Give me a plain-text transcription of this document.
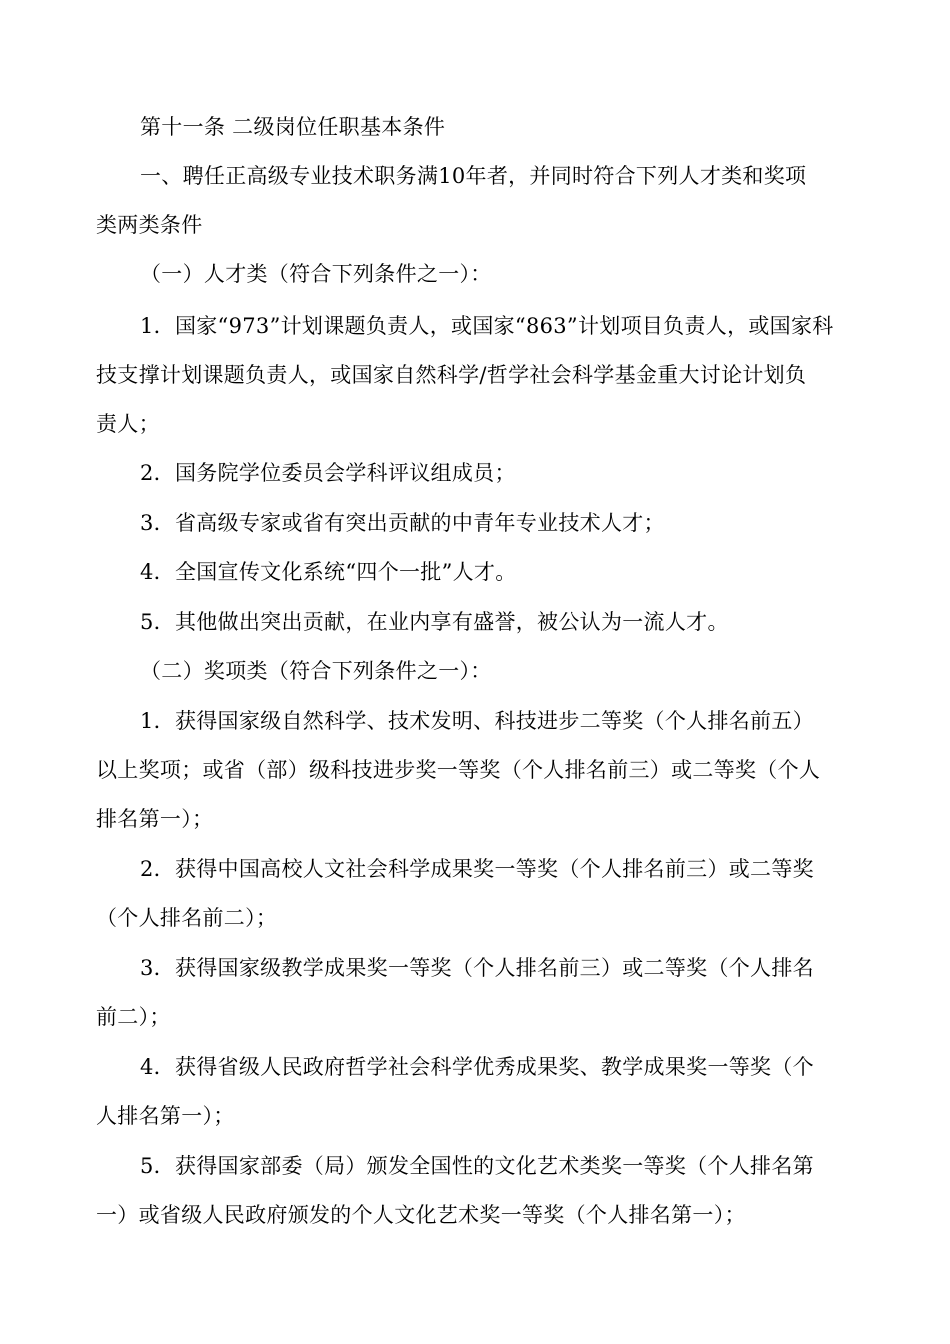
第十一条 二级岗位任职基本条件
一、聘任正高级专业技术职务满10年者，并同时符合下列人才类和奖项
类两类条件
（一）人才类（符合下列条件之一）：
1．国家“973”计划课题负责人，或国家“863”计划项目负责人，或国家科
技支撑计划课题负责人，或国家自然科学/哲学社会科学基金重大讨论计划负
责人；
2．国务院学位委员会学科评议组成员；
3．省高级专家或省有突出贡献的中青年专业技术人才；
4．全国宣传文化系统“四个一批”人才。
5．其他做出突出贡献，在业内享有盛誉，被公认为一流人才。
（二）奖项类（符合下列条件之一）：
1．获得国家级自然科学、技术发明、科技进步二等奖（个人排名前五）
以上奖项；或省（部）级科技进步奖一等奖（个人排名前三）或二等奖（个人
排名第一）；
2．获得中国高校人文社会科学成果奖一等奖（个人排名前三）或二等奖
（个人排名前二）；
3．获得国家级教学成果奖一等奖（个人排名前三）或二等奖（个人排名
前二）；
4．获得省级人民政府哲学社会科学优秀成果奖、教学成果奖一等奖（个
人排名第一）；
5．获得国家部委（局）颁发全国性的文化艺术类奖一等奖（个人排名第
一）或省级人民政府颁发的个人文化艺术奖一等奖（个人排名第一）；
